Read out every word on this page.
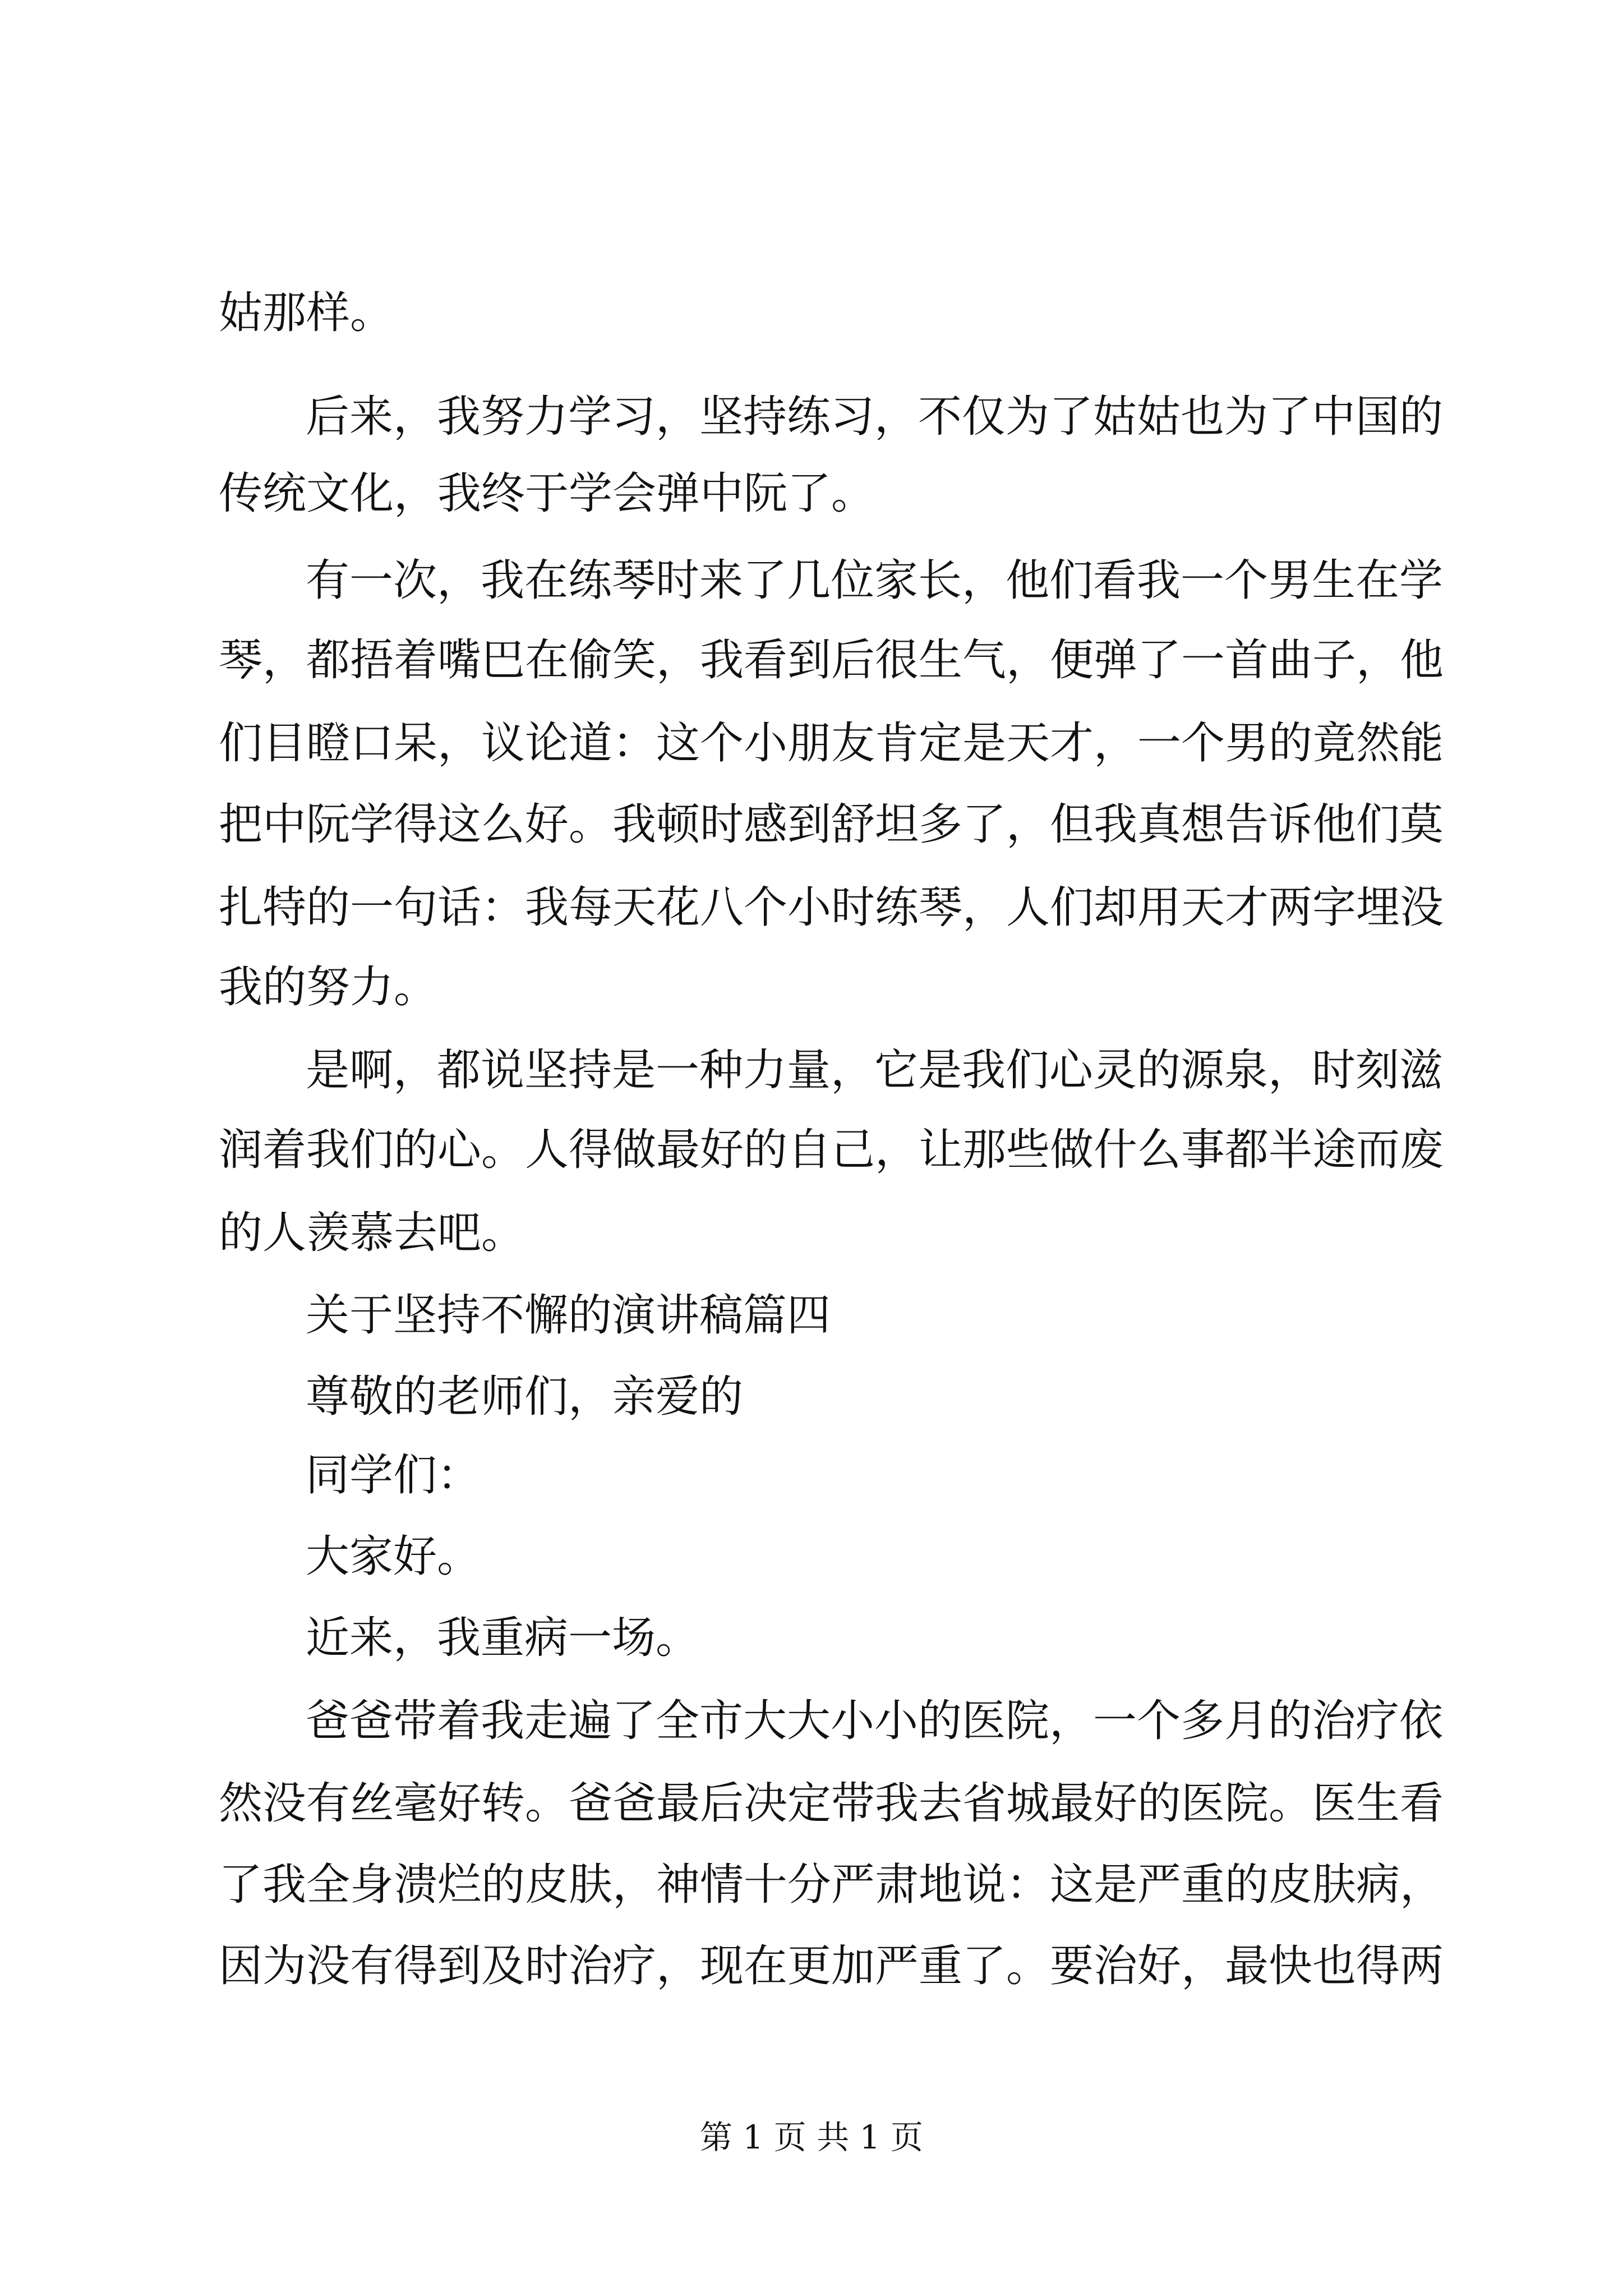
姑那样。
后来，我努力学习，坚持练习，不仅为了姑姑也为了中国的
传统文化，我终于学会弹中阮了。
有一次，我在练琴时来了几位家长，他们看我一个男生在学
琴，都捂着嘴巴在偷笑，我看到后很生气，便弹了一首曲子，他
们目瞪口呆，议论道：这个小朋友肯定是天才，一个男的竟然能
把中阮学得这么好。我顿时感到舒坦多了，但我真想告诉他们莫
扎特的一句话：我每天花八个小时练琴，人们却用天才两字埋没
我的努力。
是啊，都说坚持是一种力量，它是我们心灵的源泉，时刻滋
润着我们的心。人得做最好的自己，让那些做什么事都半途而废
的人羡慕去吧。
关于坚持不懈的演讲稿篇四
尊敬的老师们，亲爱的
同学们：
大家好。
近来，我重病一场。
爸爸带着我走遍了全市大大小小的医院，一个多月的治疗依
然没有丝毫好转。爸爸最后决定带我去省城最好的医院。医生看
了我全身溃烂的皮肤，神情十分严肃地说：这是严重的皮肤病，
因为没有得到及时治疗，现在更加严重了。要治好，最快也得两
第 1 页 共 1 页
